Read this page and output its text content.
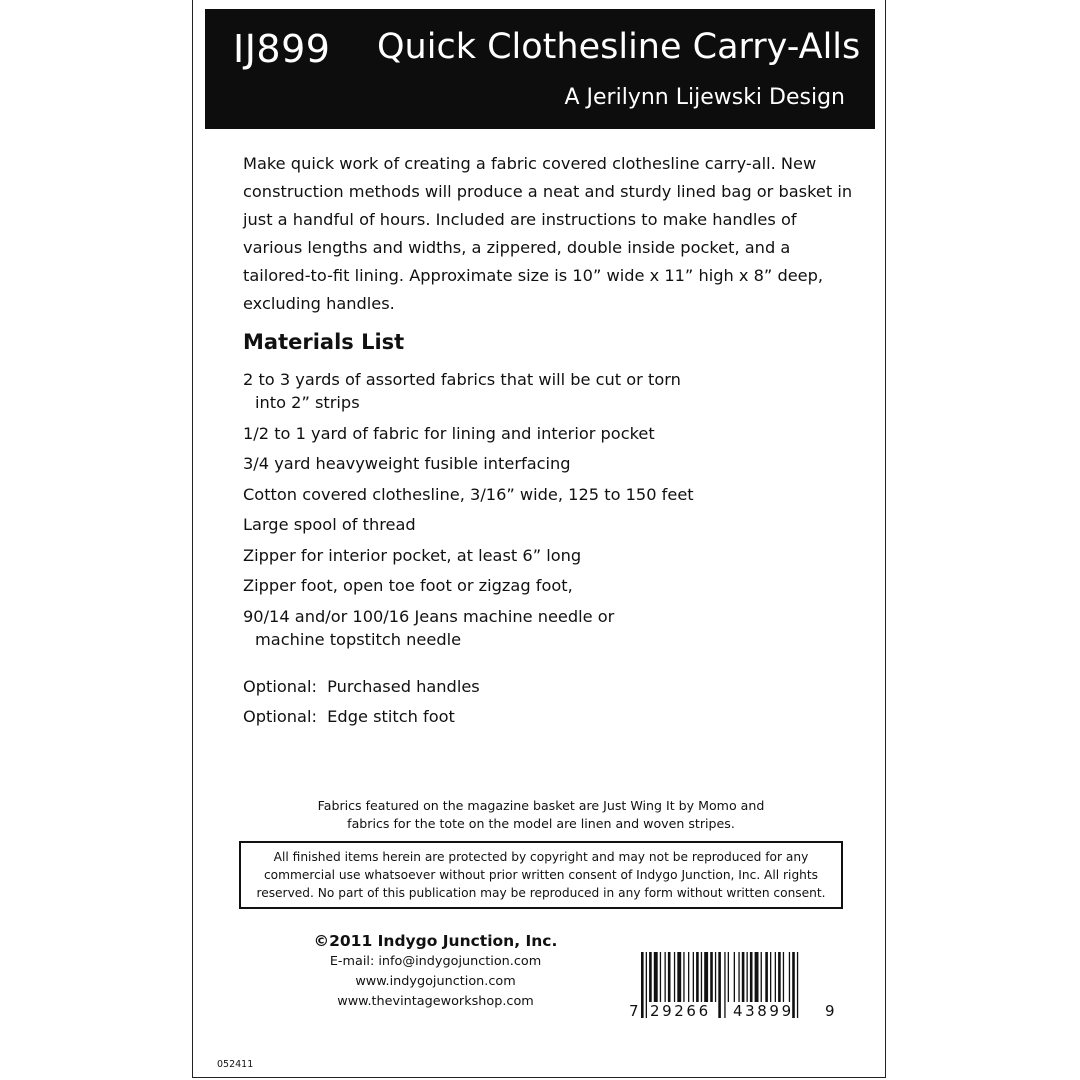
IJ899 Quick Clothesline Carry-Alls
A Jerilynn Lijewski Design
Make quick work of creating a fabric covered clothesline carry-all. New construction methods will produce a neat and sturdy lined bag or basket in just a handful of hours. Included are instructions to make handles of various lengths and widths, a zippered, double inside pocket, and a tailored-to-fit lining. Approximate size is 10” wide x 11” high x 8” deep, excluding handles.
Materials List
2 to 3 yards of assorted fabrics that will be cut or torn
into 2” strips
1/2 to 1 yard of fabric for lining and interior pocket
3/4 yard heavyweight fusible interfacing
Cotton covered clothesline, 3/16” wide, 125 to 150 feet
Large spool of thread
Zipper for interior pocket, at least 6” long
Zipper foot, open toe foot or zigzag foot,
90/14 and/or 100/16 Jeans machine needle or
machine topstitch needle
Optional:  Purchased handles
Optional:  Edge stitch foot
Fabrics featured on the magazine basket are Just Wing It by Momo and
fabrics for the tote on the model are linen and woven stripes.
All finished items herein are protected by copyright and may not be reproduced for any
commercial use whatsoever without prior written consent of Indygo Junction, Inc. All rights
reserved. No part of this publication may be reproduced in any form without written consent.
©2011 Indygo Junction, Inc.
E-mail: info@indygojunction.com
www.indygojunction.com
www.thevintageworkshop.com
7 29266 43899 9
052411
